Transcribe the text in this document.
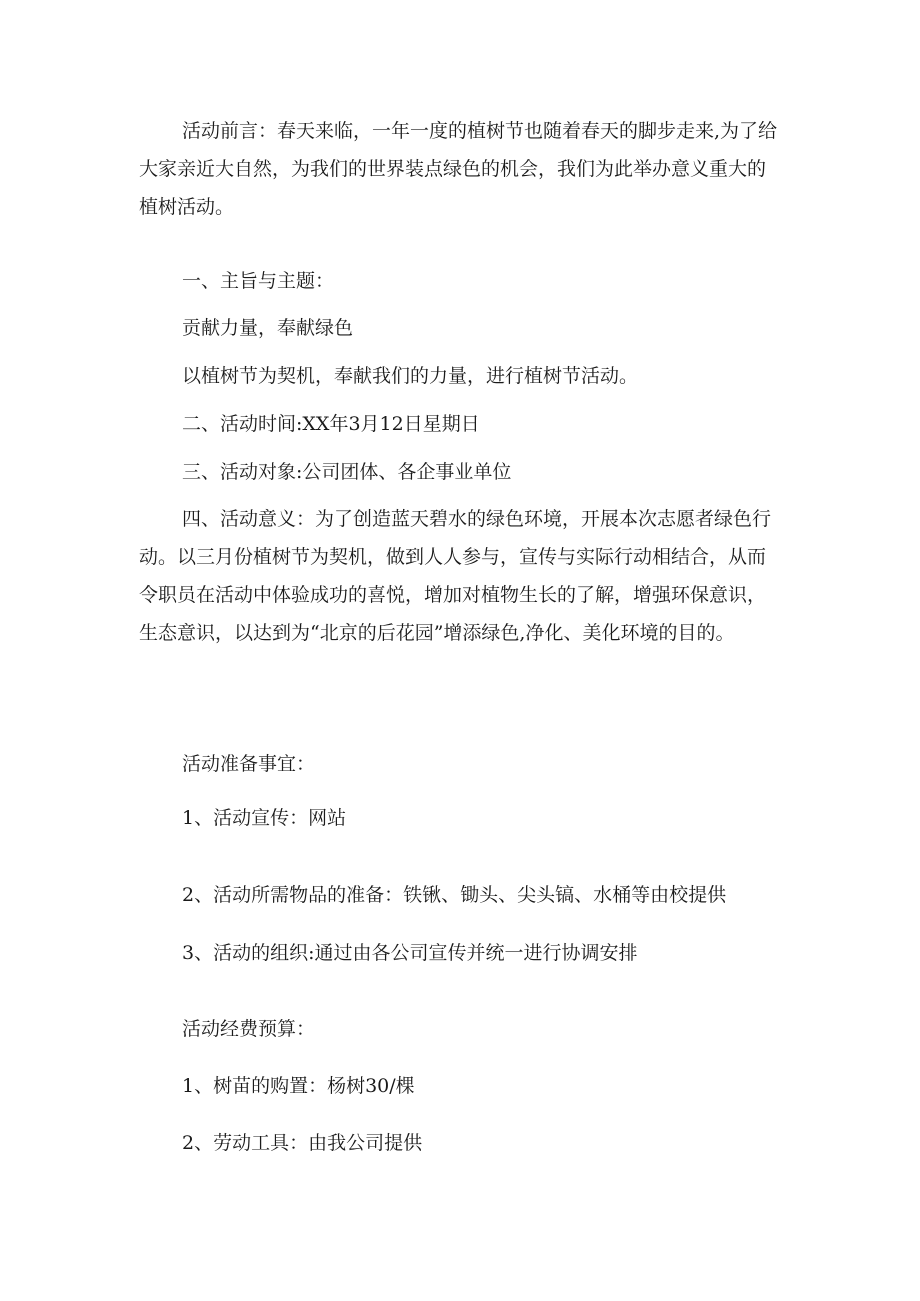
活动前言：春天来临，一年一度的植树节也随着春天的脚步走来,为了给大家亲近大自然，为我们的世界装点绿色的机会，我们为此举办意义重大的植树活动。

一、主旨与主题：

贡献力量，奉献绿色

以植树节为契机，奉献我们的力量，进行植树节活动。

二、活动时间:XX年3月12日星期日

三、活动对象:公司团体、各企事业单位

四、活动意义：为了创造蓝天碧水的绿色环境，开展本次志愿者绿色行动。以三月份植树节为契机，做到人人参与，宣传与实际行动相结合，从而令职员在活动中体验成功的喜悦，增加对植物生长的了解，增强环保意识，生态意识，以达到为“北京的后花园”增添绿色,净化、美化环境的目的。

活动准备事宜：

1、活动宣传：网站

2、活动所需物品的准备：铁锹、锄头、尖头镐、水桶等由校提供

3、活动的组织:通过由各公司宣传并统一进行协调安排

活动经费预算：

1、树苗的购置：杨树30/棵

2、劳动工具：由我公司提供
